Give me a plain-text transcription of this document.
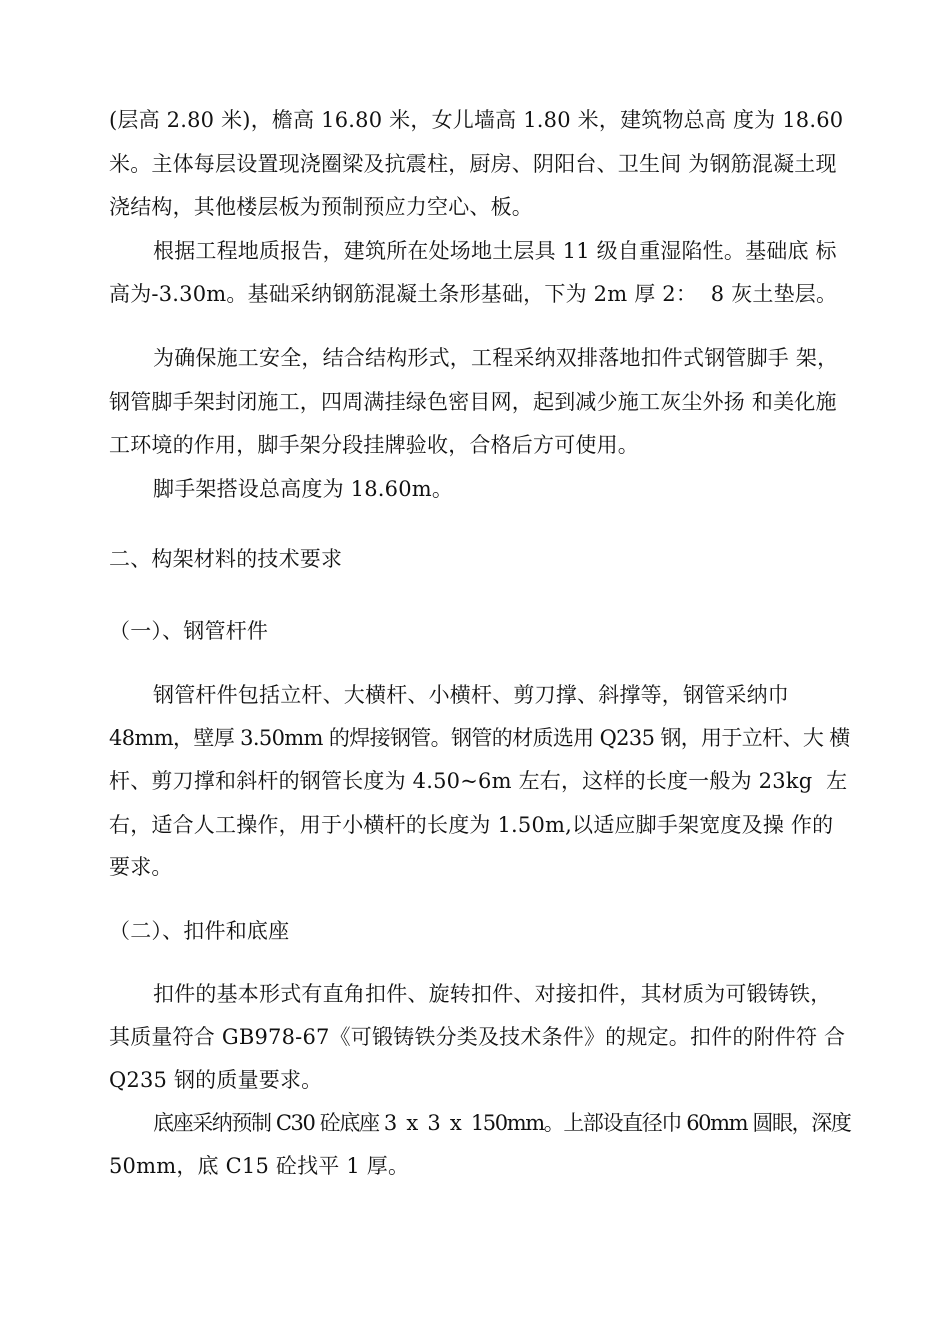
(层高 2.80 米)，檐高 16.80 米，女儿墙高 1.80 米，建筑物总高 度为 18.60
米。主体每层设置现浇圈梁及抗震柱，厨房、阴阳台、卫生间 为钢筋混凝土现
浇结构，其他楼层板为预制预应力空心、板。
根据工程地质报告，建筑所在处场地土层具 11 级自重湿陷性。基础底 标
高为-3.30m。基础采纳钢筋混凝土条形基础，下为 2m 厚 2：  8 灰土垫层。
为确保施工安全，结合结构形式，工程采纳双排落地扣件式钢管脚手 架，
钢管脚手架封闭施工，四周满挂绿色密目网，起到减少施工灰尘外扬 和美化施
工环境的作用，脚手架分段挂牌验收，合格后方可使用。
脚手架搭设总高度为 18.60m。
二、构架材料的技术要求
（一）、钢管杆件
钢管杆件包括立杆、大横杆、小横杆、剪刀撑、斜撑等，钢管采纳巾
48mm，壁厚 3.50mm 的焊接钢管。钢管的材质选用 Q235 钢，用于立杆、大 横
杆、剪刀撑和斜杆的钢管长度为 4.50~6m 左右，这样的长度一般为 23kg  左
右，适合人工操作，用于小横杆的长度为 1.50m,以适应脚手架宽度及操 作的
要求。
（二）、扣件和底座
扣件的基本形式有直角扣件、旋转扣件、对接扣件，其材质为可锻铸铁，
其质量符合 GB978-67《可锻铸铁分类及技术条件》的规定。扣件的附件符 合
Q235 钢的质量要求。
底座采纳预制 C30 砼底座 3  x  3  x  150mm。上部设直径巾 60mm 圆眼，深度
50mm，底 C15 砼找平 1 厚。
